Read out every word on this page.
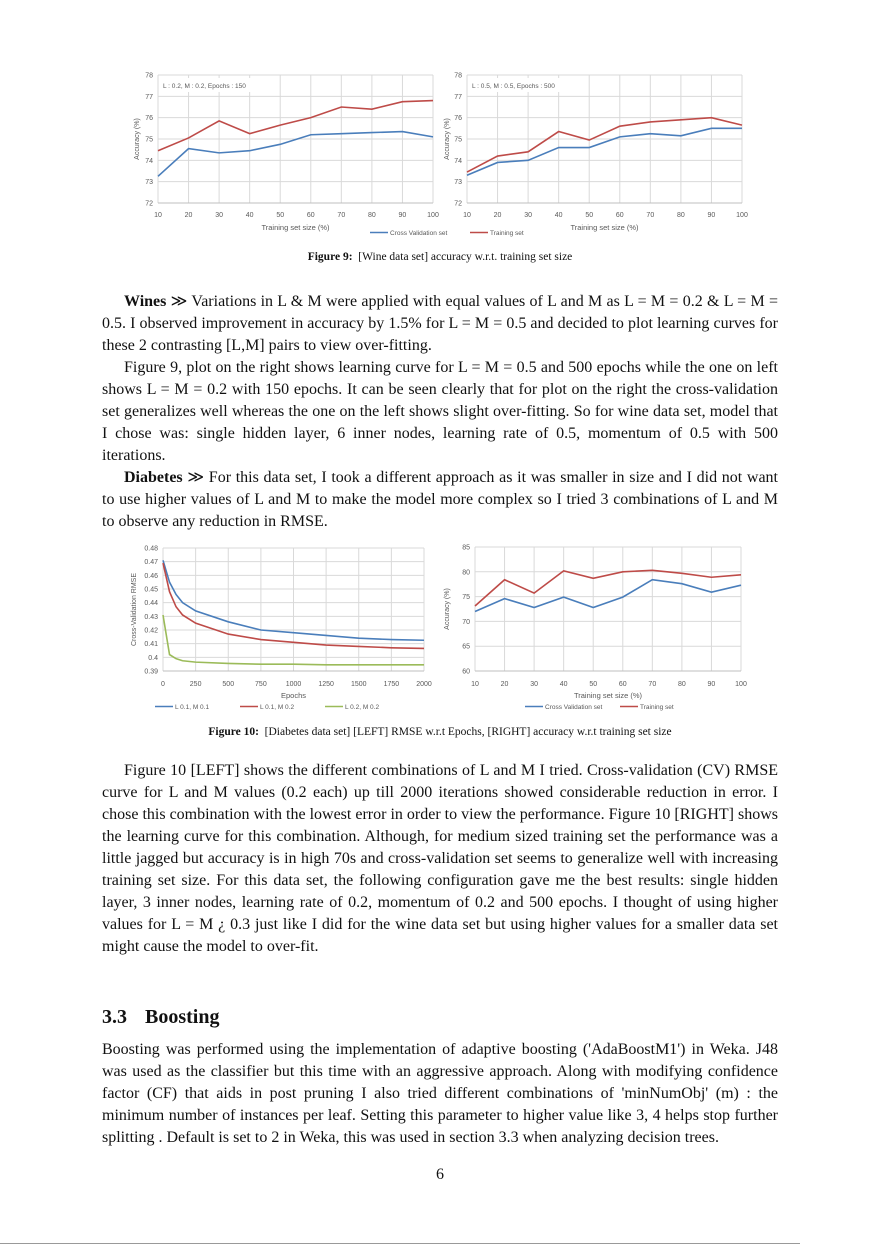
72
73
74
75
76
77
78
10	20	30	40	50	60	70	80	90	100
Training set size (%)
Accuracy (%)
L : 0.2, M : 0.2, Epochs : 150
Cross Validation set
72
73
74
75
76
77
78
10	20	30	40	50	60	70	80	90	100
Training set size (%)
Accuracy (%)
L : 0.5, M : 0.5, Epochs : 500
Training set
Figure 9: [Wine data set] accuracy w.r.t. training set size

Wines ≫ Variations in L & M were applied with equal values of L and M as L = M = 0.2 & L = M = 0.5. I observed improvement in accuracy by 1.5% for L = M = 0.5 and decided to plot learning curves for these 2 contrasting [L,M] pairs to view over-fitting.

Figure 9, plot on the right shows learning curve for L = M = 0.5 and 500 epochs while the one on left shows L = M = 0.2 with 150 epochs. It can be seen clearly that for plot on the right the cross-validation set generalizes well whereas the one on the left shows slight over-fitting. So for wine data set, model that I chose was: single hidden layer, 6 inner nodes, learning rate of 0.5, momentum of 0.5 with 500 iterations.

Diabetes ≫ For this data set, I took a different approach as it was smaller in size and I did not want to use higher values of L and M to make the model more complex so I tried 3 combinations of L and M to observe any reduction in RMSE.

0.39
0.4
0.41
0.42
0.43
0.44
0.45
0.46
0.47
0.48
0	250	500	750	1000 1250 1500 1750 2000
Epochs
Cross-Validation RMSE
L 0.1, M 0.1	L 0.1, M 0.2	L 0.2, M 0.2
60
65
70
75
80
85
10	20	30	40	50	60	70	80	90	100
Training set size (%)
Accuracy (%)
Cross Validation set	Training set
Figure 10: [Diabetes data set] [LEFT] RMSE w.r.t Epochs, [RIGHT] accuracy w.r.t training set size

Figure 10 [LEFT] shows the different combinations of L and M I tried. Cross-validation (CV) RMSE curve for L and M values (0.2 each) up till 2000 iterations showed considerable reduction in error. I chose this combination with the lowest error in order to view the performance. Figure 10 [RIGHT] shows the learning curve for this combination. Although, for medium sized training set the performance was a little jagged but accuracy is in high 70s and cross-validation set seems to generalize well with increasing training set size. For this data set, the following configuration gave me the best results: single hidden layer, 3 inner nodes, learning rate of 0.2, momentum of 0.2 and 500 epochs. I thought of using higher values for L = M ¿ 0.3 just like I did for the wine data set but using higher values for a smaller data set might cause the model to over-fit.

3.3 Boosting

Boosting was performed using the implementation of adaptive boosting ('AdaBoostM1') in Weka. J48 was used as the classifier but this time with an aggressive approach. Along with modifying confidence factor (CF) that aids in post pruning I also tried different combinations of 'minNumObj' (m) : the minimum number of instances per leaf. Setting this parameter to higher value like 3, 4 helps stop further splitting . Default is set to 2 in Weka, this was used in section 3.3 when analyzing decision trees.

6
